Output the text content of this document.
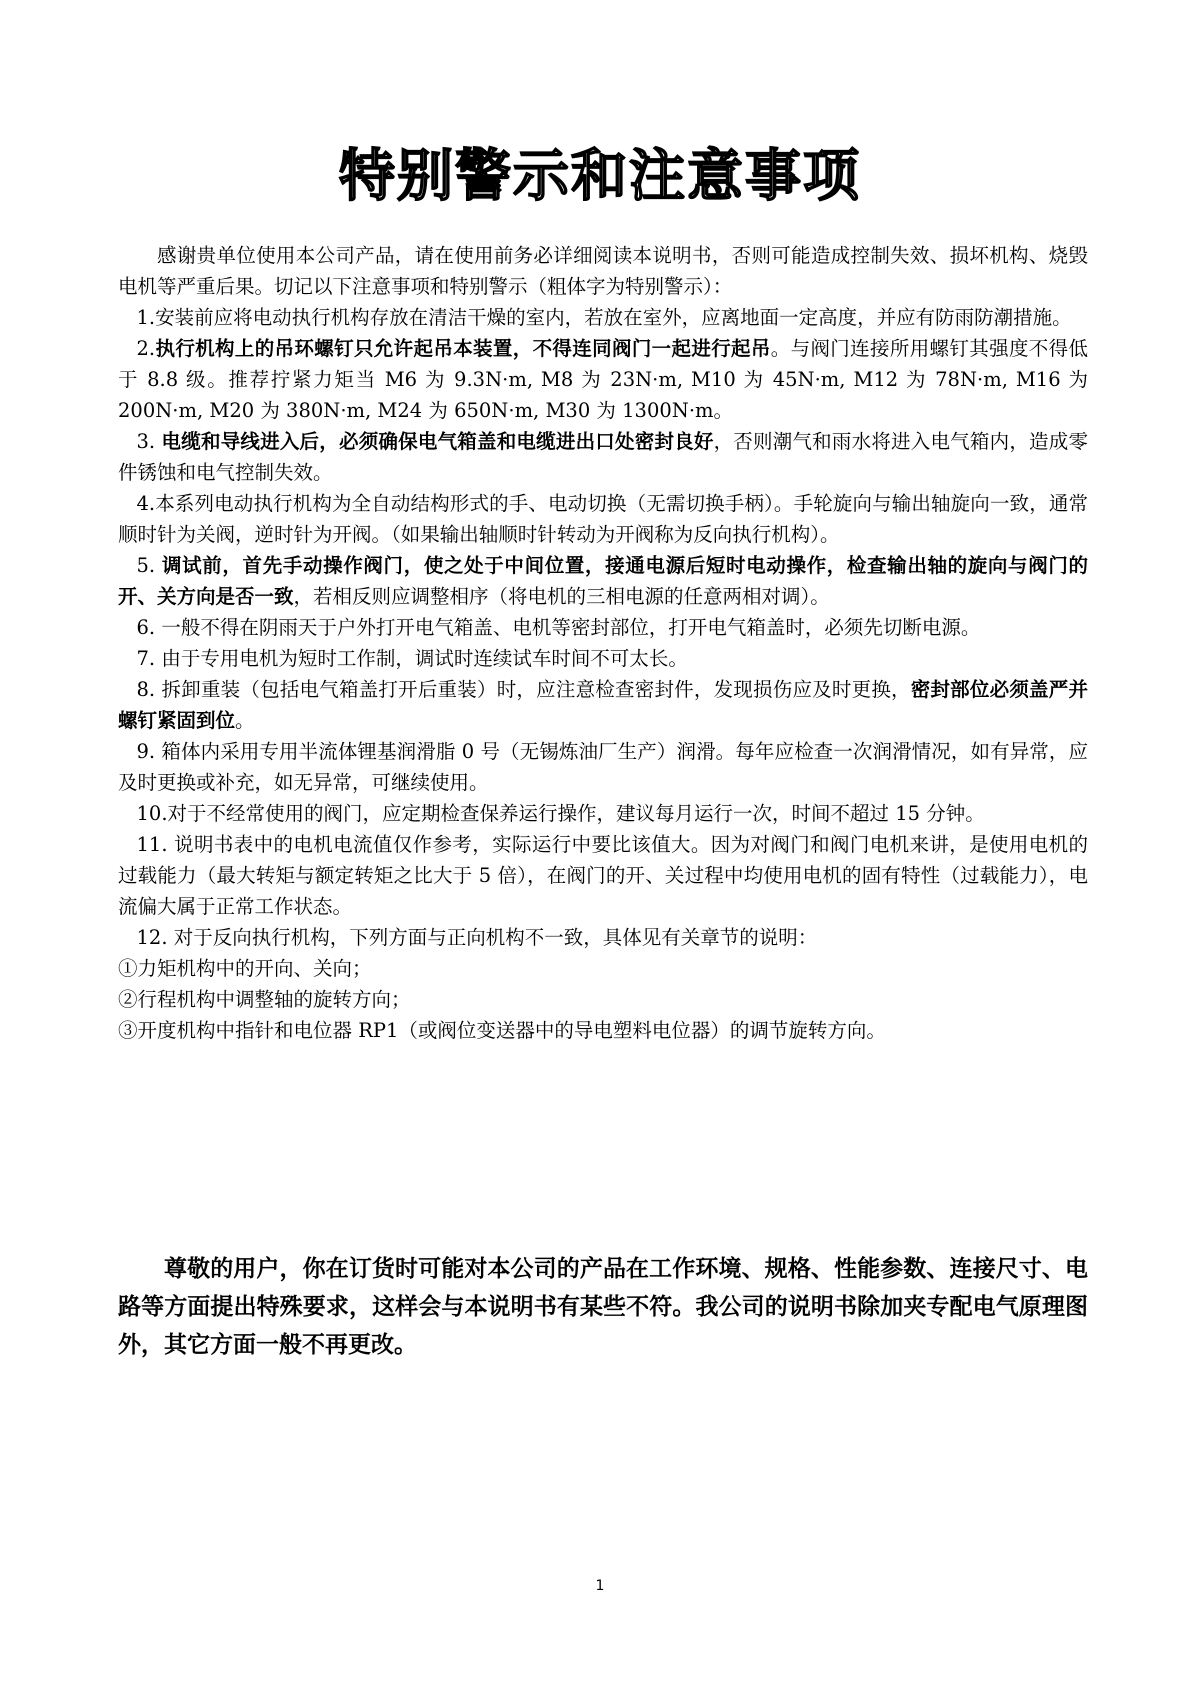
特别警示和注意事项

感谢贵单位使用本公司产品，请在使用前务必详细阅读本说明书，否则可能造成控制失效、损坏机构、烧毁电机等严重后果。切记以下注意事项和特别警示（粗体字为特别警示）：

1.安装前应将电动执行机构存放在清洁干燥的室内，若放在室外，应离地面一定高度，并应有防雨防潮措施。

2.执行机构上的吊环螺钉只允许起吊本装置，不得连同阀门一起进行起吊。与阀门连接所用螺钉其强度不得低于 8.8 级。推荐拧紧力矩当 M6 为 9.3N·m, M8 为 23N·m, M10 为 45N·m, M12 为 78N·m, M16 为 200N·m, M20 为 380N·m, M24 为 650N·m, M30 为 1300N·m。

3. 电缆和导线进入后，必须确保电气箱盖和电缆进出口处密封良好，否则潮气和雨水将进入电气箱内，造成零件锈蚀和电气控制失效。

4.本系列电动执行机构为全自动结构形式的手、电动切换（无需切换手柄）。手轮旋向与输出轴旋向一致，通常顺时针为关阀，逆时针为开阀。（如果输出轴顺时针转动为开阀称为反向执行机构）。

5. 调试前，首先手动操作阀门，使之处于中间位置，接通电源后短时电动操作，检查输出轴的旋向与阀门的开、关方向是否一致，若相反则应调整相序（将电机的三相电源的任意两相对调）。

6. 一般不得在阴雨天于户外打开电气箱盖、电机等密封部位，打开电气箱盖时，必须先切断电源。

7. 由于专用电机为短时工作制，调试时连续试车时间不可太长。

8. 拆卸重装（包括电气箱盖打开后重装）时，应注意检查密封件，发现损伤应及时更换，密封部位必须盖严并螺钉紧固到位。

9. 箱体内采用专用半流体锂基润滑脂 0 号（无锡炼油厂生产）润滑。每年应检查一次润滑情况，如有异常，应及时更换或补充，如无异常，可继续使用。

10.对于不经常使用的阀门，应定期检查保养运行操作，建议每月运行一次，时间不超过 15 分钟。

11. 说明书表中的电机电流值仅作参考，实际运行中要比该值大。因为对阀门和阀门电机来讲，是使用电机的过载能力（最大转矩与额定转矩之比大于 5 倍），在阀门的开、关过程中均使用电机的固有特性（过载能力），电流偏大属于正常工作状态。

12. 对于反向执行机构，下列方面与正向机构不一致，具体见有关章节的说明：

①力矩机构中的开向、关向；

②行程机构中调整轴的旋转方向；

③开度机构中指针和电位器 RP1（或阀位变送器中的导电塑料电位器）的调节旋转方向。

尊敬的用户，你在订货时可能对本公司的产品在工作环境、规格、性能参数、连接尺寸、电路等方面提出特殊要求，这样会与本说明书有某些不符。我公司的说明书除加夹专配电气原理图外，其它方面一般不再更改。

1
